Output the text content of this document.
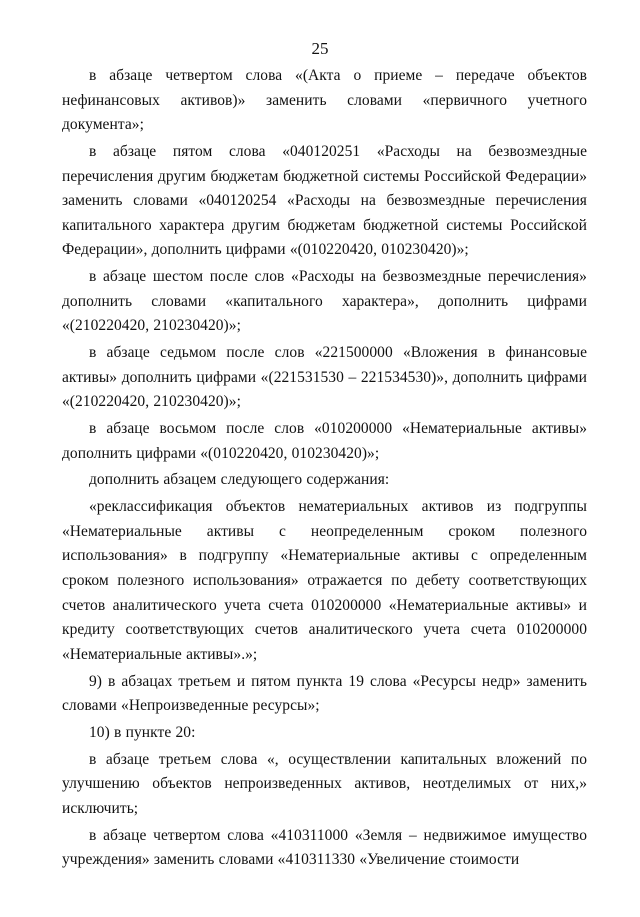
25

в абзаце четвертом слова «(Акта о приеме – передаче объектов нефинансовых активов)» заменить словами «первичного учетного документа»;

в абзаце пятом слова «040120251 «Расходы на безвозмездные перечисления другим бюджетам бюджетной системы Российской Федерации» заменить словами «040120254 «Расходы на безвозмездные перечисления капитального характера другим бюджетам бюджетной системы Российской Федерации», дополнить цифрами «(010220420, 010230420)»;

в абзаце шестом после слов «Расходы на безвозмездные перечисления» дополнить словами «капитального характера», дополнить цифрами «(210220420, 210230420)»;

в абзаце седьмом после слов «221500000 «Вложения в финансовые активы» дополнить цифрами «(221531530 – 221534530)», дополнить цифрами «(210220420, 210230420)»;

в абзаце восьмом после слов «010200000 «Нематериальные активы» дополнить цифрами «(010220420, 010230420)»;

дополнить абзацем следующего содержания:

«реклассификация объектов нематериальных активов из подгруппы «Нематериальные активы с неопределенным сроком полезного использования» в подгруппу «Нематериальные активы с определенным сроком полезного использования» отражается по дебету соответствующих счетов аналитического учета счета 010200000 «Нематериальные активы» и кредиту соответствующих счетов аналитического учета счета 010200000 «Нематериальные активы».»;

9) в абзацах третьем и пятом пункта 19 слова «Ресурсы недр» заменить словами «Непроизведенные ресурсы»;

10) в пункте 20:

в абзаце третьем слова «, осуществлении капитальных вложений по улучшению объектов непроизведенных активов, неотделимых от них,» исключить;

в абзаце четвертом слова «410311000 «Земля – недвижимое имущество учреждения» заменить словами «410311330 «Увеличение стоимости
